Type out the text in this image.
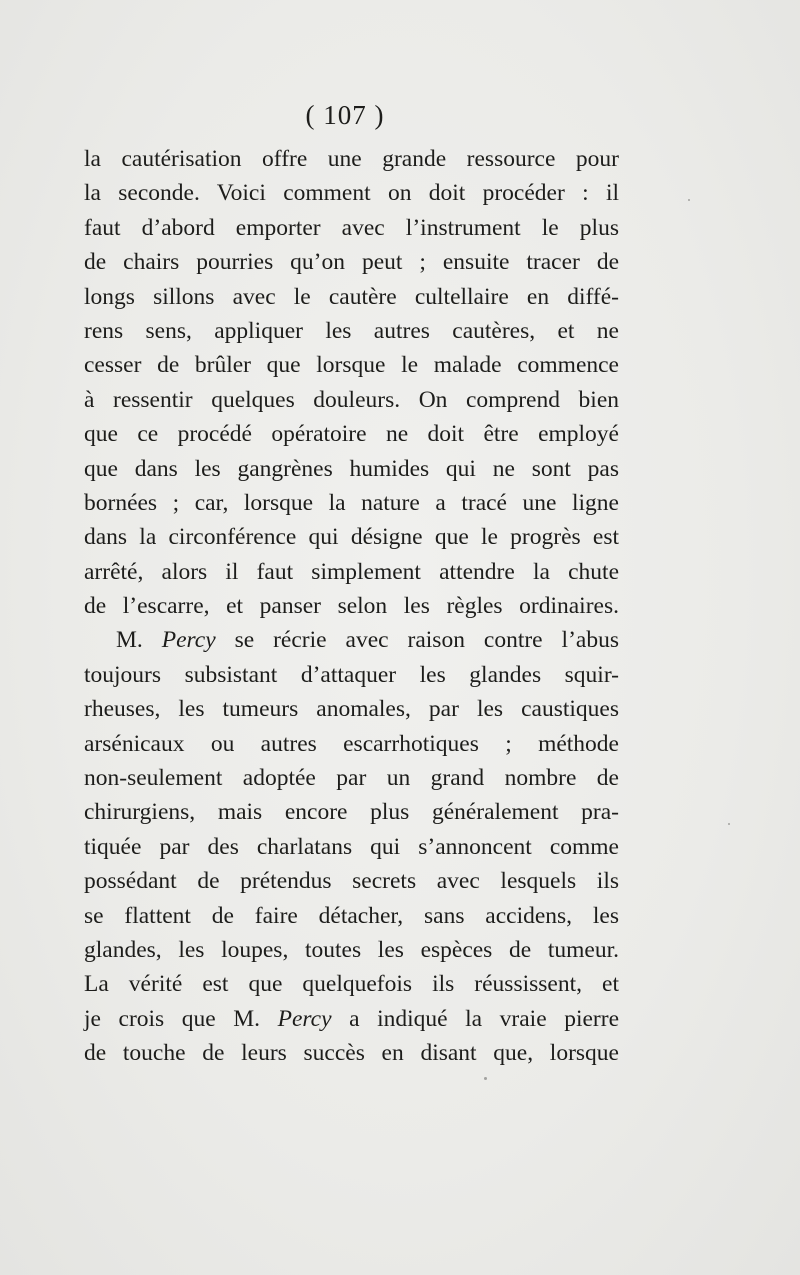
( 107 )
la cautérisation offre une grande ressource pour
la seconde. Voici comment on doit procéder : il
faut d’abord emporter avec l’instrument le plus
de chairs pourries qu’on peut ; ensuite tracer de
longs sillons avec le cautère cultellaire en diffé-
rens sens, appliquer les autres cautères, et ne
cesser de brûler que lorsque le malade commence
à ressentir quelques douleurs. On comprend bien
que ce procédé opératoire ne doit être employé
que dans les gangrènes humides qui ne sont pas
bornées ; car, lorsque la nature a tracé une ligne
dans la circonférence qui désigne que le progrès est
arrêté, alors il faut simplement attendre la chute
de l’escarre, et panser selon les règles ordinaires.
M. Percy se récrie avec raison contre l’abus
toujours subsistant d’attaquer les glandes squir-
rheuses, les tumeurs anomales, par les caustiques
arsénicaux ou autres escarrhotiques ; méthode
non-seulement adoptée par un grand nombre de
chirurgiens, mais encore plus généralement pra-
tiquée par des charlatans qui s’annoncent comme
possédant de prétendus secrets avec lesquels ils
se flattent de faire détacher, sans accidens, les
glandes, les loupes, toutes les espèces de tumeur.
La vérité est que quelquefois ils réussissent, et
je crois que M. Percy a indiqué la vraie pierre
de touche de leurs succès en disant que, lorsque
